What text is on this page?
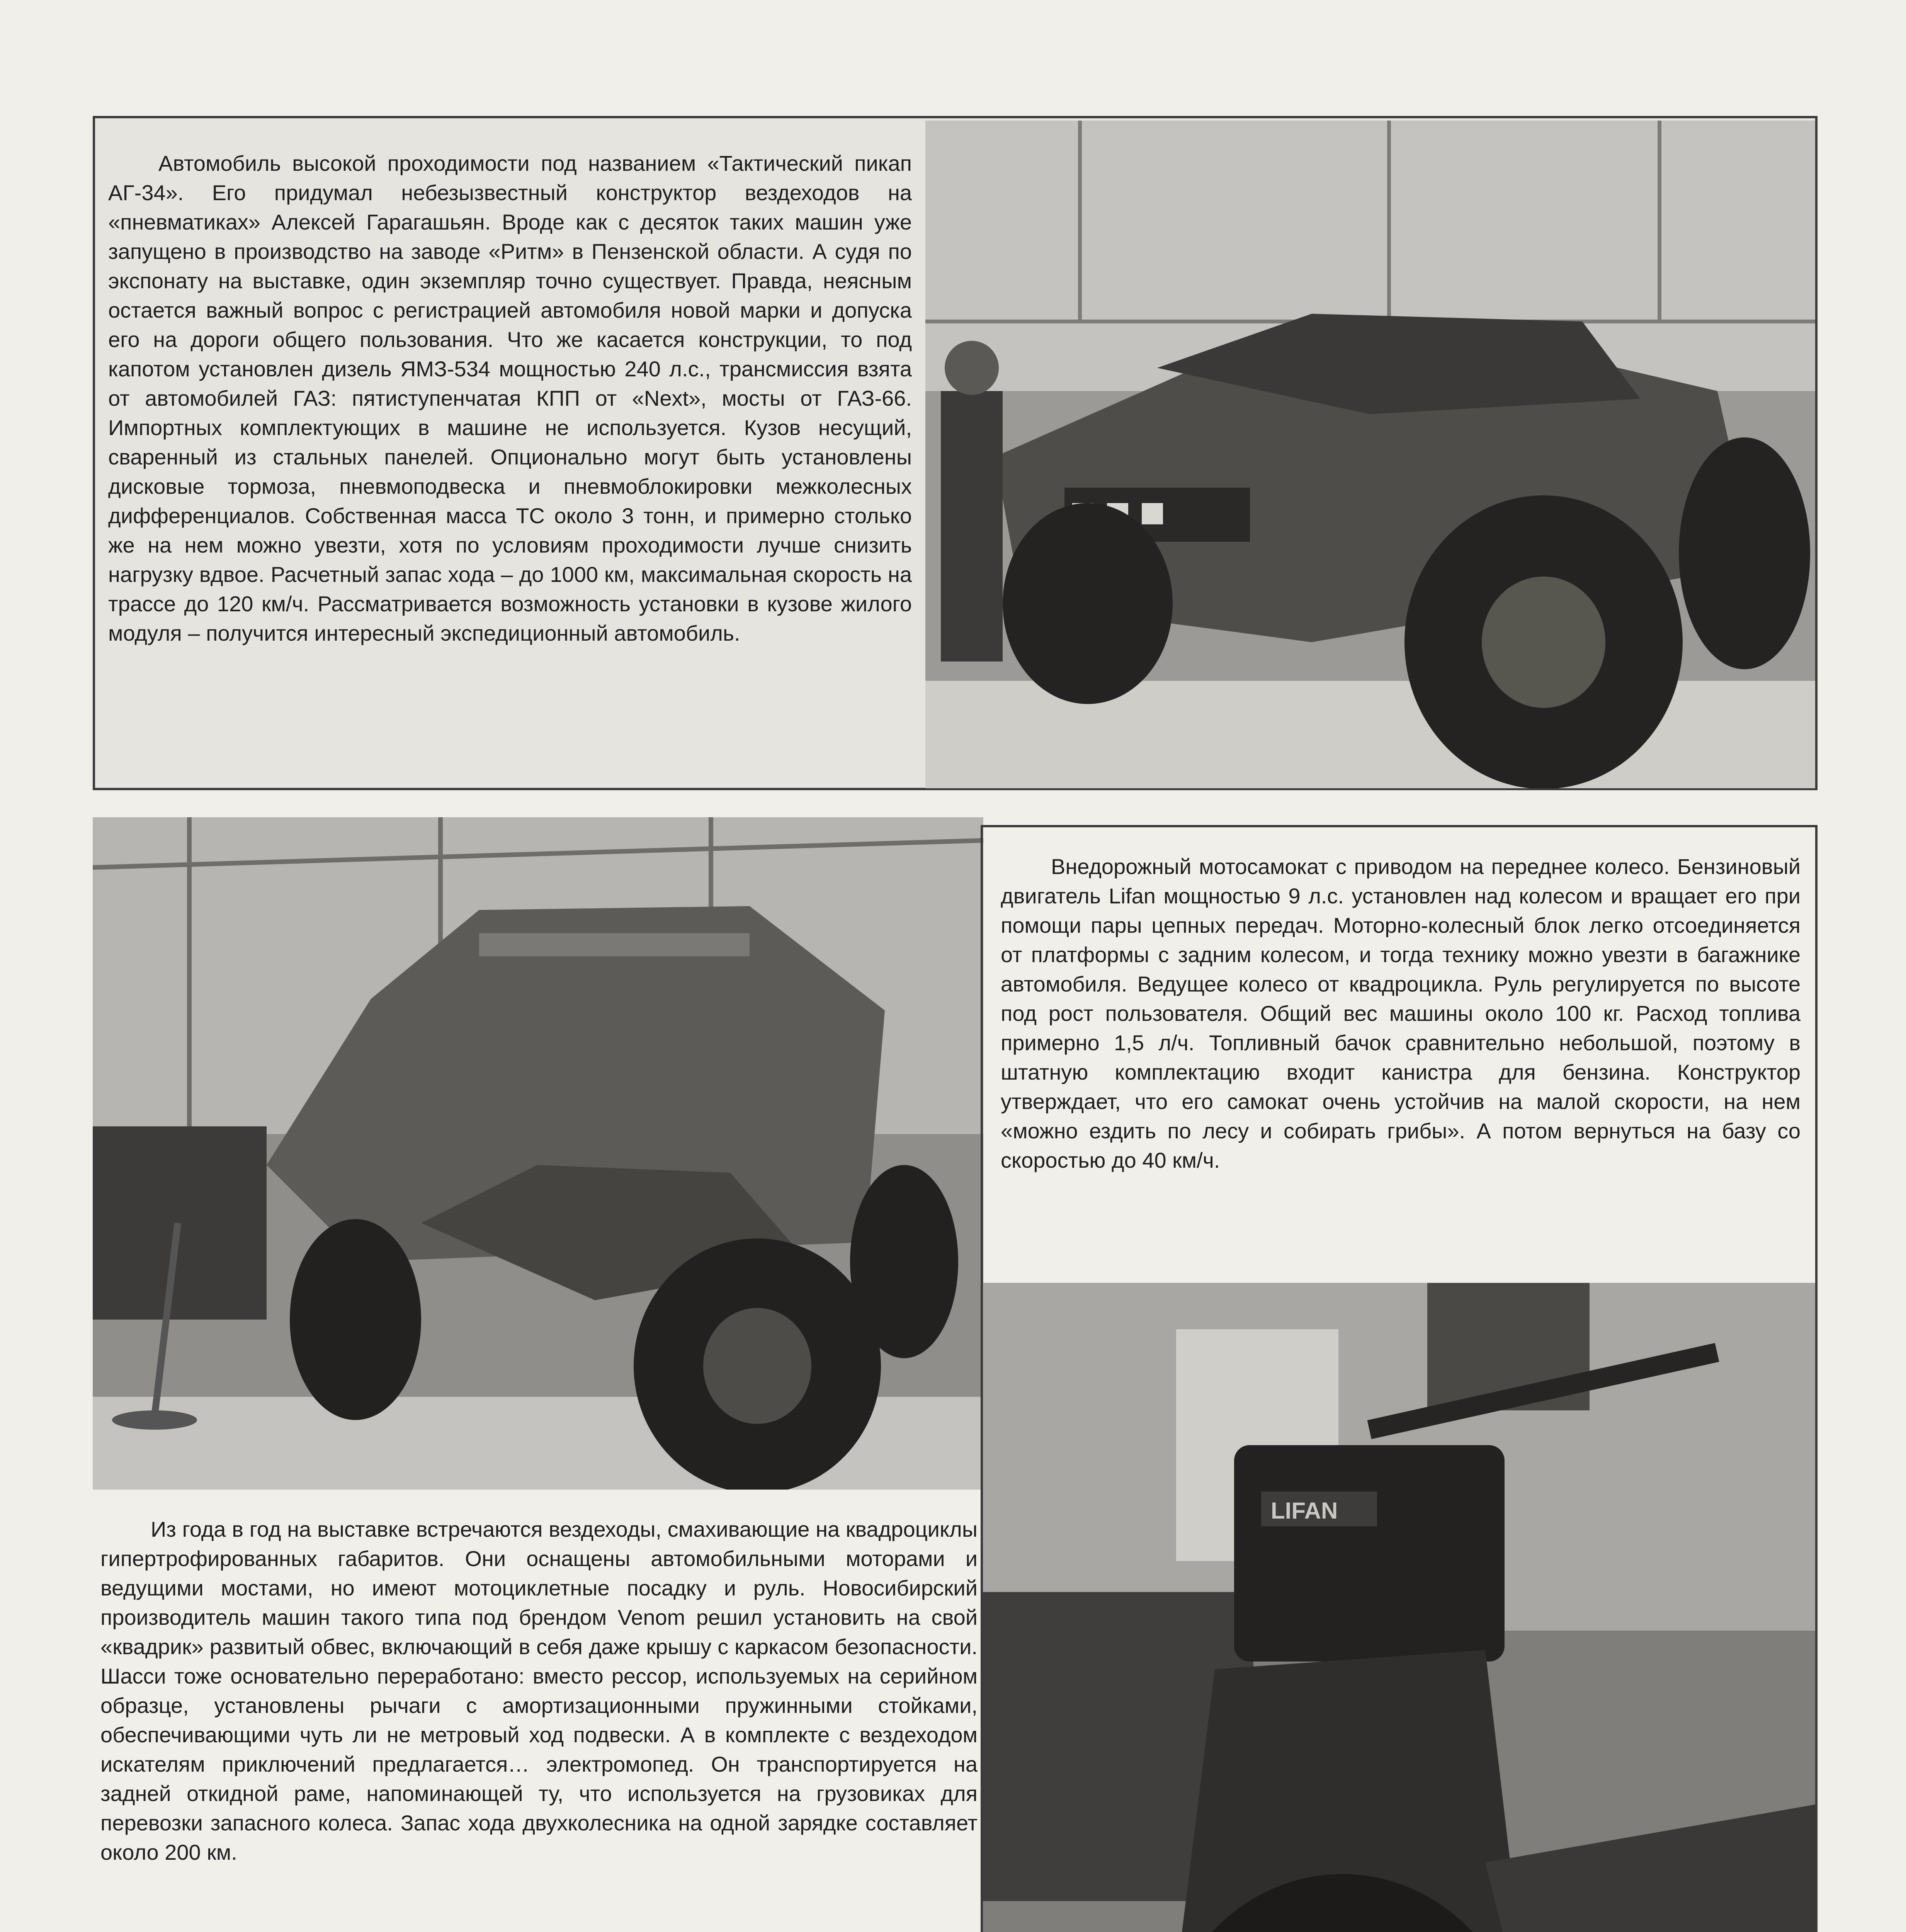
Автомобиль высокой проходимости под названием «Тактический пикап АГ-34». Его придумал небезызвестный конструктор вездеходов на «пневматиках» Алексей Гарагашьян. Вроде как с десяток таких машин уже запущено в производство на заводе «Ритм» в Пензенской области. А судя по экспонату на выставке, один экземпляр точно существует. Правда, неясным остается важный вопрос с регистрацией автомобиля новой марки и допуска его на дороги общего пользования. Что же касается конструкции, то под капотом установлен дизель ЯМЗ-534 мощностью 240 л.с., трансмиссия взята от автомобилей ГАЗ: пятиступенчатая КПП от «Next», мосты от ГАЗ-66. Импортных комплектующих в машине не используется. Кузов несущий, сваренный из стальных панелей. Опционально могут быть установлены дисковые тормоза, пневмоподвеска и пневмоблокировки межколесных дифференциалов. Собственная масса ТС около 3 тонн, и примерно столько же на нем можно увезти, хотя по условиям проходимости лучше снизить нагрузку вдвое. Расчетный запас хода – до 1000 км, максимальная скорость на трассе до 120 км/ч. Рассматривается возможность установки в кузове жилого модуля – получится интересный экспедиционный автомобиль.
Из года в год на выставке встречаются вездеходы, смахивающие на квадроциклы гипертрофированных габаритов. Они оснащены автомобильными моторами и ведущими мостами, но имеют мотоциклетные посадку и руль. Новосибирский производитель машин такого типа под брендом Venom решил установить на свой «квадрик» развитый обвес, включающий в себя даже крышу с каркасом безопасности. Шасси тоже основательно переработано: вместо рессор, используемых на серийном образце, установлены рычаги с амортизационными пружинными стойками, обеспечивающими чуть ли не метровый ход подвески. А в комплекте с вездеходом искателям приключений предлагается… электромопед. Он транспортируется на задней откидной раме, напоминающей ту, что используется на грузовиках для перевозки запасного колеса. Запас хода двухколесника на одной зарядке составляет около 200 км.
Внедорожный мотосамокат с приводом на переднее колесо. Бензиновый двигатель Lifan мощностью 9 л.с. установлен над колесом и вращает его при помощи пары цепных передач. Моторно-колесный блок легко отсоединяется от платформы с задним колесом, и тогда технику можно увезти в багажнике автомобиля. Ведущее колесо от квадроцикла. Руль регулируется по высоте под рост пользователя. Общий вес машины около 100 кг. Расход топлива примерно 1,5 л/ч. Топливный бачок сравнительно небольшой, поэтому в штатную комплектацию входит канистра для бензина. Конструктор утверждает, что его самокат очень устойчив на малой скорости, на нем «можно ездить по лесу и собирать грибы». А потом вернуться на базу со скоростью до 40 км/ч.
LIFAN
